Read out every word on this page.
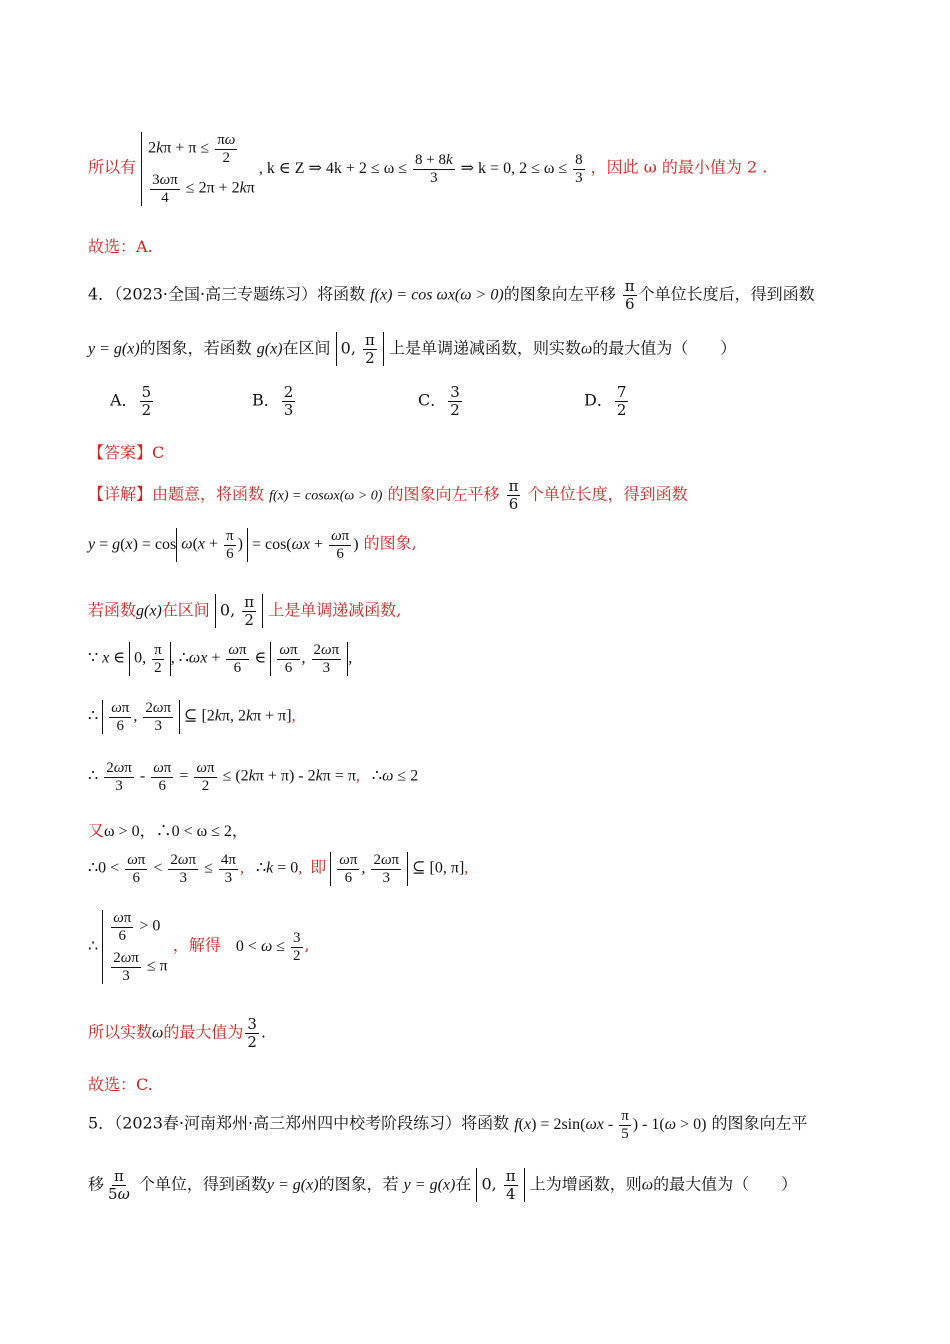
所以有
$2k\pi + \pi \le \frac{\pi\omega}{2}$
$\frac{3\omega\pi}{4} \le 2\pi + 2k\pi$
, k ∈ Z ⇒ $4k + 2 \le \omega \le \frac{8 + 8k}{3}$ ⇒ k = 0, $2 \le \omega \le \frac{8}{3}$ ，因此 ω 的最小值为 2 .
故选：A.
4．（2023·全国·高三专题练习）将函数 f(x) = cos ωx(ω > 0)的图象向左平移 $\frac{\pi}{6}$ 个单位长度后，得到函数
y = g(x)的图象，若函数 g(x)在区间 0, $\frac{\pi}{2}$ 上是单调递减函数，则实数ω的最大值为（　　）
A． $\frac{5}{2}$	B． $\frac{2}{3}$	C． $\frac{3}{2}$	D． $\frac{7}{2}$
【答案】C
【详解】由题意，将函数 f(x) = cosωx(ω > 0) 的图象向左平移 $\frac{\pi}{6}$ 个单位长度，得到函数
$y = g(x) = \cos \omega(x + \frac{\pi}{6}$ ) = $\cos(\omega x + \frac{\omega\pi}{6}$ ) 的图象,
若函数g(x)在区间 0, $\frac{\pi}{2}$ 上是单调递减函数,
∵ x ∈ 0, $\frac{\pi}{2}$ , ∴ωx + $\frac{\omega\pi}{6}$ ∈ $\frac{\omega\pi}{6}$ , $\frac{2\omega\pi}{3}$ ,
∴ $\frac{\omega\pi}{6}$ , $\frac{2\omega\pi}{3}$ ⊆ [2kπ, 2kπ + π],
∴ $\frac{2\omega\pi}{3} - \frac{\omega\pi}{6} = \frac{\omega\pi}{2} \le (2k\pi + \pi) - 2k\pi = \pi$,   ∴ω ≤ 2
又ω > 0，∴0 < ω ≤ 2，
∴0 < $\frac{\omega\pi}{6} < \frac{2\omega\pi}{3} \le \frac{4\pi}{3}$ ,   ∴k = 0,  即 $\frac{\omega\pi}{6}$ , $\frac{2\omega\pi}{3}$ ⊆ [0, π],
∴
$\frac{\omega\pi}{6} > 0$
$\frac{2\omega\pi}{3} \le \pi$
，解得 $0 < \omega \le \frac{3}{2}$ ,
所以实数ω的最大值为 $\frac{3}{2}$ .
故选：C.
5．（2023春·河南郑州·高三郑州四中校考阶段练习）将函数 $f(x) = 2\sin(\omega x - \frac{\pi}{5}$ ) - 1(ω > 0) 的图象向左平
移 $\frac{\pi}{5\omega}$ 个单位，得到函数y = g(x)的图象，若 y = g(x)在 0, $\frac{\pi}{4}$ 上为增函数，则ω的最大值为（　　）
